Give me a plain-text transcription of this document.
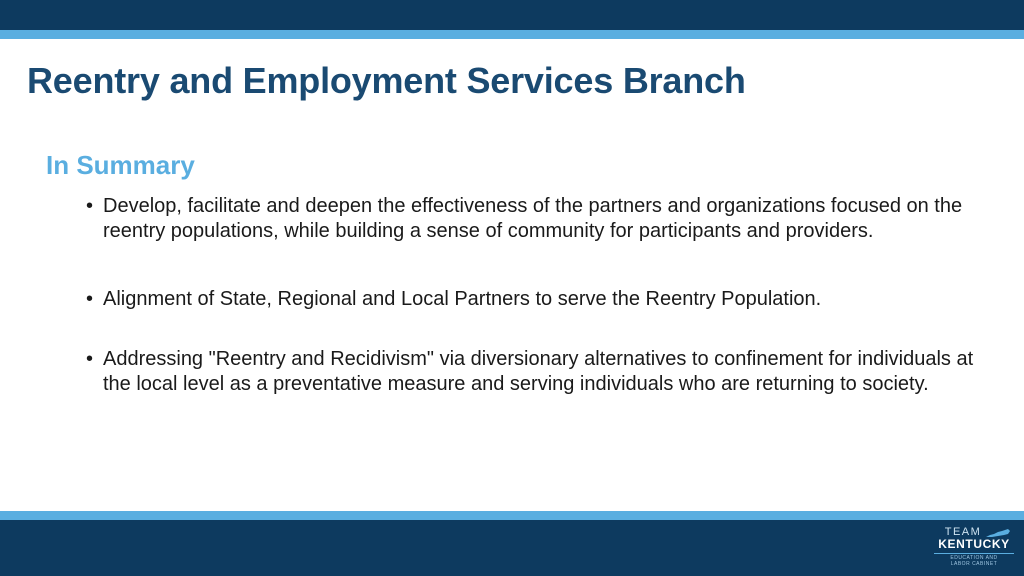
Reentry and Employment Services Branch
In Summary
• Develop, facilitate and deepen the effectiveness of the partners and organizations focused on the reentry populations, while building a sense of community for participants and providers.
• Alignment of State, Regional and Local Partners to serve the Reentry Population.
• Addressing "Reentry and Recidivism" via diversionary alternatives to confinement for individuals at the local level as a preventative measure and serving individuals who are returning to society.
TEAM
KENTUCKY
EDUCATION AND
LABOR CABINET
